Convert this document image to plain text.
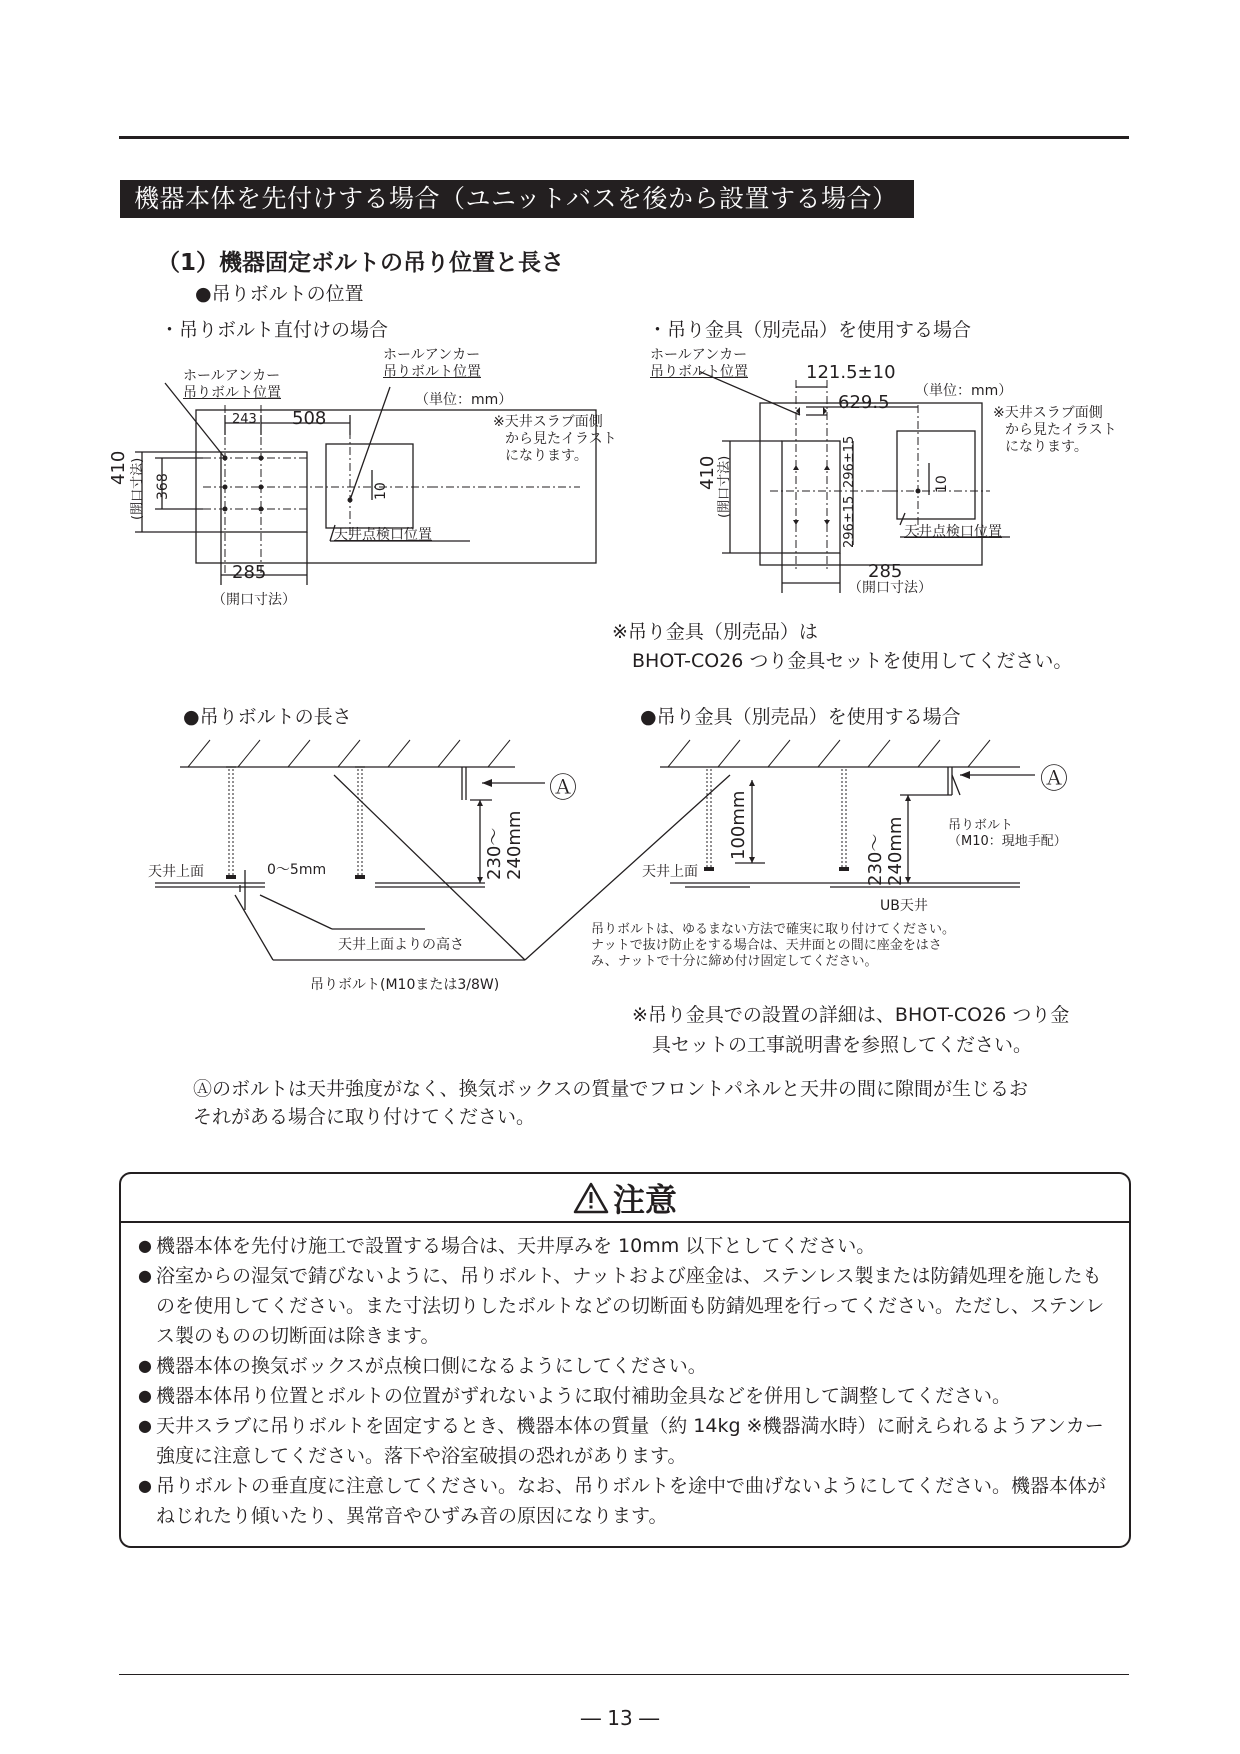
機器本体を先付けする場合（ユニットバスを後から設置する場合）
（1）機器固定ボルトの吊り位置と長さ
●吊りボルトの位置
・吊りボルト直付けの場合	・吊り金具（別売品）を使用する場合
ホールアンカー
吊りボルト位置
ホールアンカー
吊りボルト位置
（単位：mm）
※天井スラブ面側
から見たイラスト
になります。
243 508
410 (開口寸法) 368	10
天井点検口位置
285
（開口寸法）
ホールアンカー
吊りボルト位置	121.5±10
629.5
（単位：mm）
※天井スラブ面側
から見たイラスト
になります。
410 (開口寸法)	296±15
296±15
10
天井点検口位置
285
（開口寸法）
※吊り金具（別売品）は
BHOT-CO26 つり金具セットを使用してください。
●吊りボルトの長さ	●吊り金具（別売品）を使用する場合
Ⓐ
230～ 240mm
天井上面	0～5mm
天井上面よりの高さ
吊りボルト(M10または3/8W)
Ⓐ
吊りボルト
（M10：現地手配）
100mm	230～ 240mm
天井上面
UB天井
吊りボルトは、ゆるまない方法で確実に取り付けてください。
ナットで抜け防止をする場合は、天井面との間に座金をはさ
み、ナットで十分に締め付け固定してください。
※吊り金具での設置の詳細は、BHOT-CO26 つり金
具セットの工事説明書を参照してください。
Ⓐのボルトは天井強度がなく、換気ボックスの質量でフロントパネルと天井の間に隙間が生じるお
それがある場合に取り付けてください。
注意
● 機器本体を先付け施工で設置する場合は、天井厚みを 10mm 以下としてください。
● 浴室からの湿気で錆びないように、吊りボルト、ナットおよび座金は、ステンレス製または防錆処理を施したものを使用してください。また寸法切りしたボルトなどの切断面も防錆処理を行ってください。ただし、ステンレス製のものの切断面は除きます。
● 機器本体の換気ボックスが点検口側になるようにしてください。
● 機器本体吊り位置とボルトの位置がずれないように取付補助金具などを併用して調整してください。
● 天井スラブに吊りボルトを固定するとき、機器本体の質量（約 14kg ※機器満水時）に耐えられるようアンカー強度に注意してください。落下や浴室破損の恐れがあります。
● 吊りボルトの垂直度に注意してください。なお、吊りボルトを途中で曲げないようにしてください。機器本体がねじれたり傾いたり、異常音やひずみ音の原因になります。
― 13 ―
